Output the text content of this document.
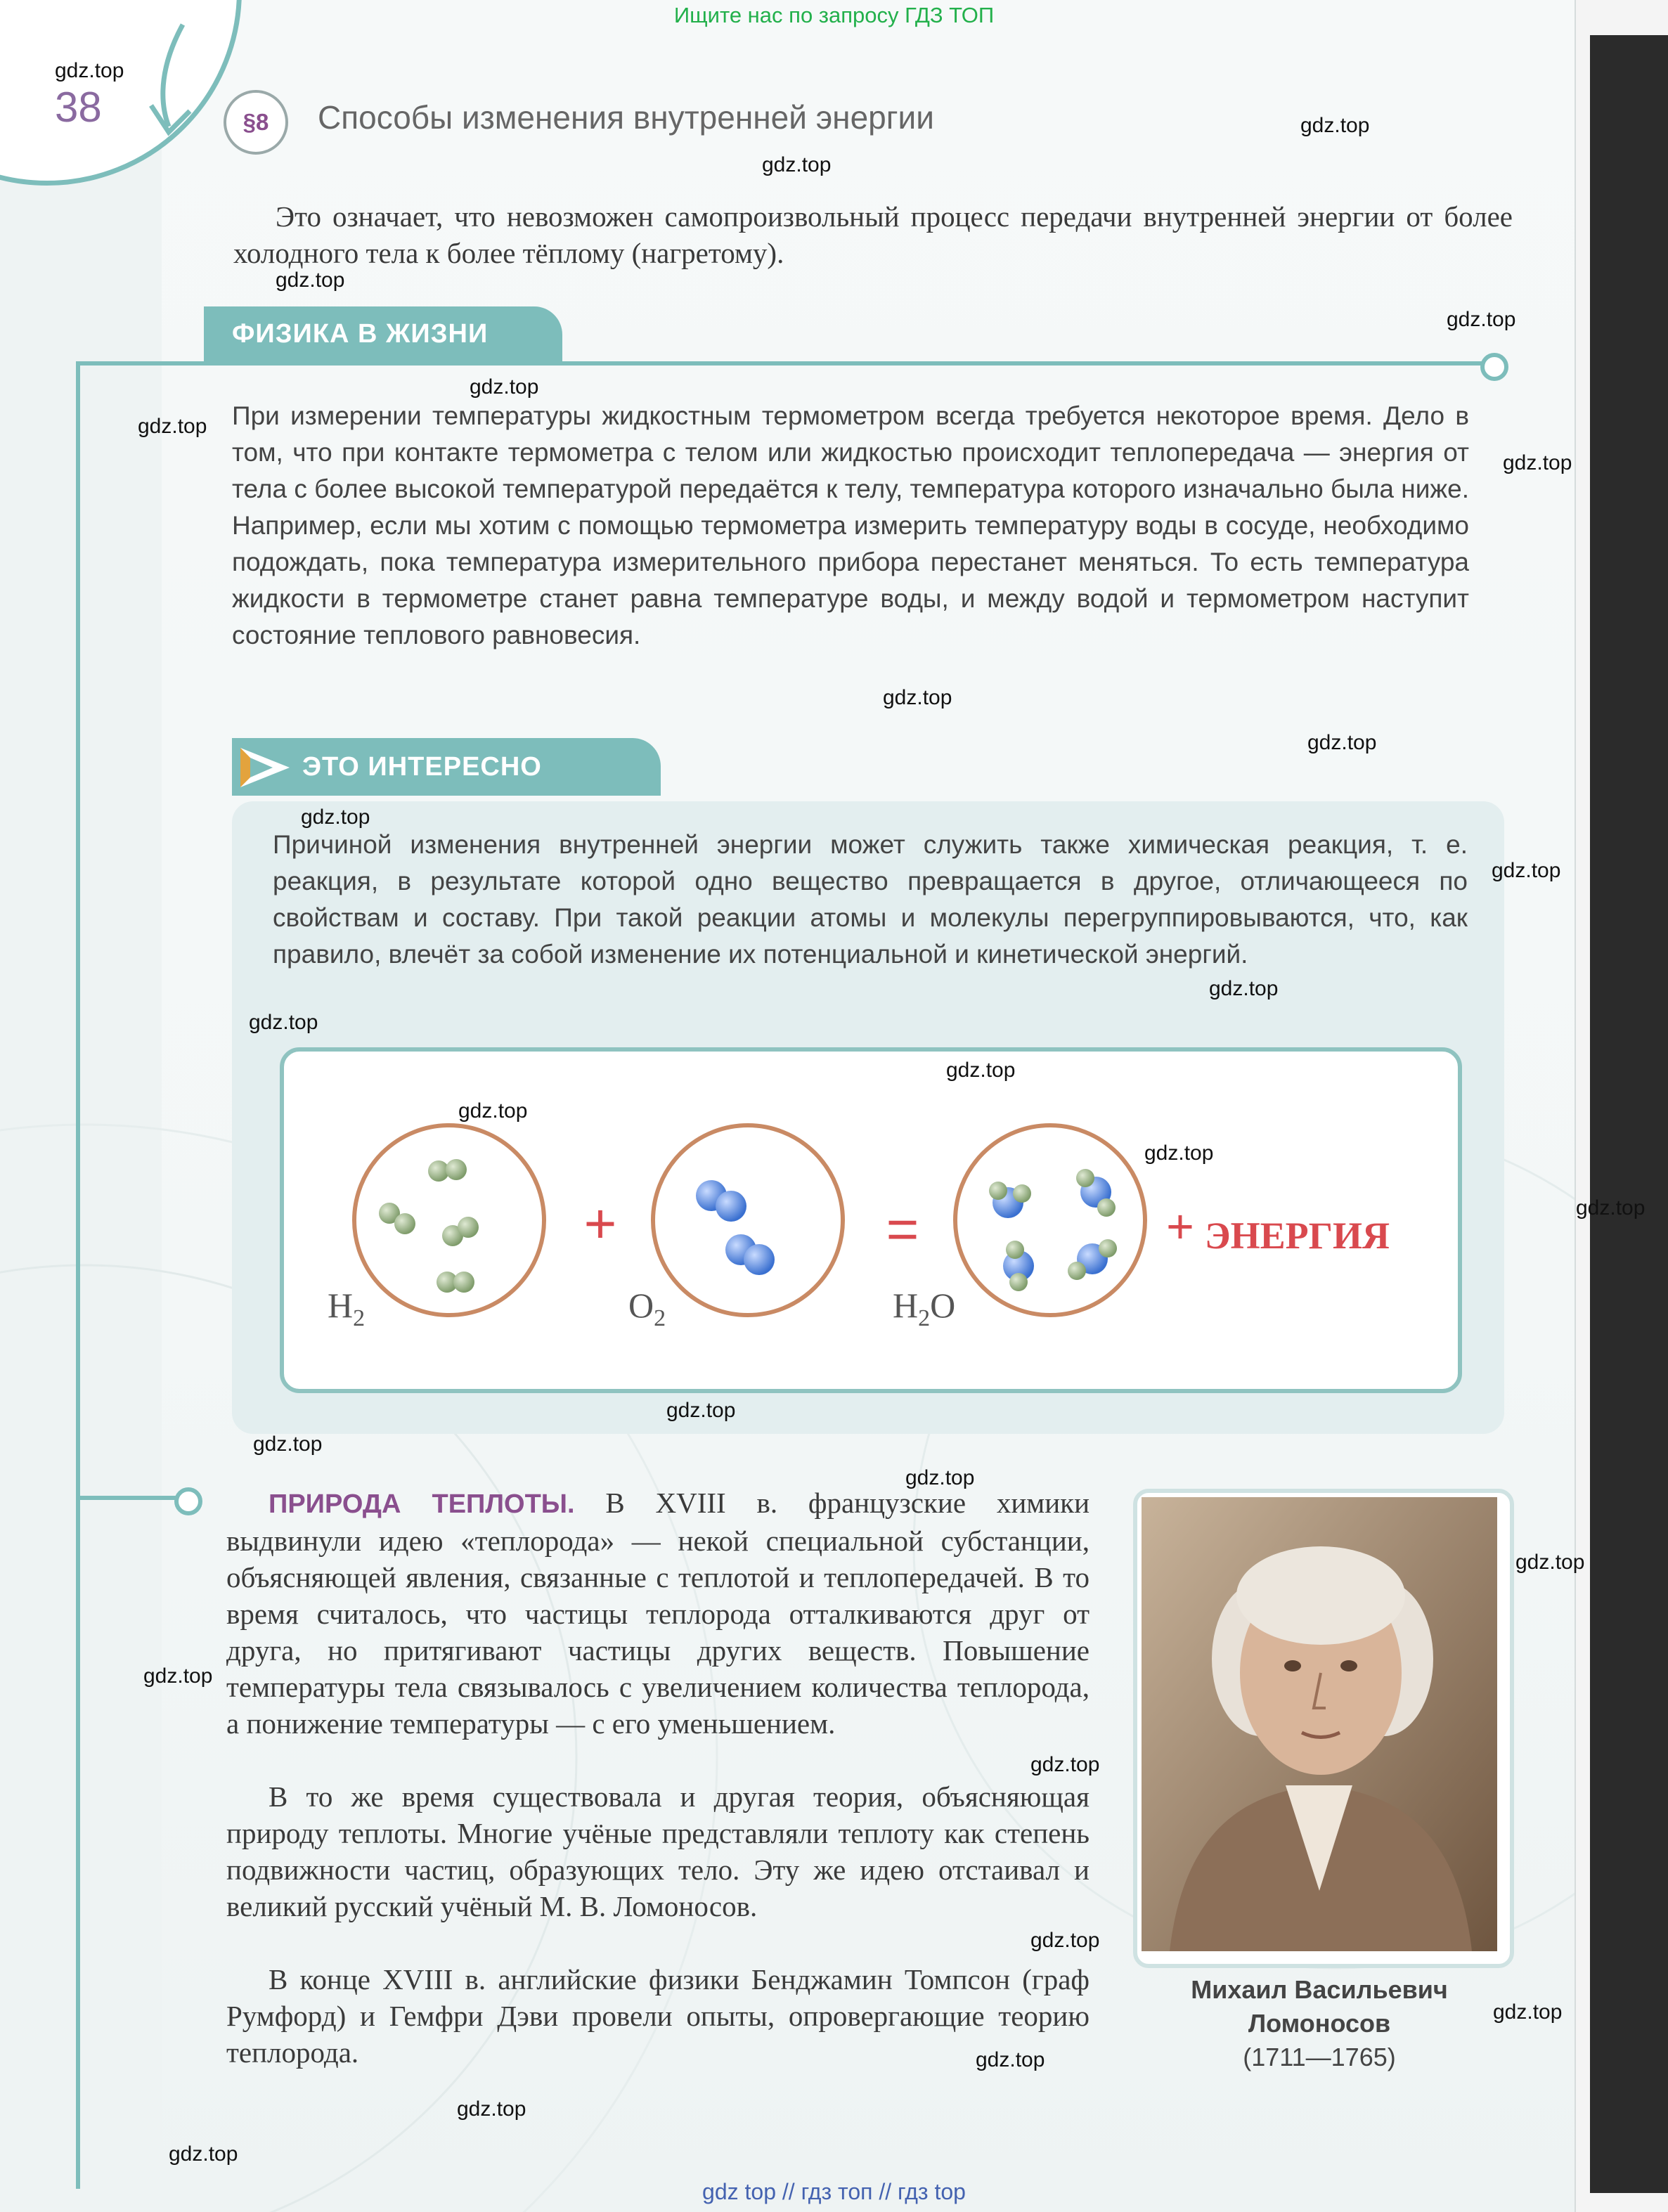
Ищите нас по запросу ГДЗ ТОП
38	§8	Способы изменения внутренней энергии
Это означает, что невозможен самопроизвольный процесс передачи внутренней энергии от более холодного тела к более тёплому (нагретому).
ФИЗИКА В ЖИЗНИ
При измерении температуры жидкостным термометром всегда требуется некоторое время. Дело в том, что при контакте термометра с телом или жидкостью происходит теплопередача — энергия от тела с более высокой температурой передаётся к телу, температура которого изначально была ниже. Например, если мы хотим с помощью термометра измерить температуру воды в сосуде, необходимо подождать, пока температура измерительного прибора перестанет меняться. То есть температура жидкости в термометре станет равна температуре воды, и между водой и термометром наступит состояние теплового равновесия.
ЭТО ИНТЕРЕСНО
Причиной изменения внутренней энергии может служить также химическая реакция, т. е. реакция, в результате которой одно вещество превращается в другое, отличающееся по свойствам и составу. При такой реакции атомы и молекулы перегруппировываются, что, как правило, влечёт за собой изменение их потенциальной и кинетической энергий.
+	=	+ ЭНЕРГИЯ
$H_2$	$O_2$	$H_2O$
ПРИРОДА ТЕПЛОТЫ. В XVIII в. французские химики выдвинули идею «теплорода» — некой специальной субстанции, объясняющей явления, связанные с теплотой и теплопередачей. В то время считалось, что частицы теплорода отталкиваются друг от друга, но притягивают частицы других веществ. Повышение температуры тела связывалось с увеличением количества теплорода, а понижение температуры — с его уменьшением.
В то же время существовала и другая теория, объясняющая природу теплоты. Многие учёные представляли теплоту как степень подвижности частиц, образующих тело. Эту же идею отстаивал и великий русский учёный М. В. Ломоносов.
В конце XVIII в. английские физики Бенджамин Томпсон (граф Румфорд) и Гемфри Дэви провели опыты, опровергающие теорию теплорода.
Михаил Васильевич
Ломоносов
(1711—1765)
gdz.top
gdz.top
gdz.top
gdz.top
gdz.top
gdz.top
gdz.top
gdz.top
gdz.top
gdz.top
gdz.top
gdz.top
gdz.top
gdz.top
gdz.top
gdz.top
gdz.top
gdz.top
gdz.top
gdz.top
gdz.top
gdz.top
gdz.top
gdz.top
gdz.top
gdz.top
gdz.top
gdz.top
gdz.top
gdz top // гдз топ // гдз top
